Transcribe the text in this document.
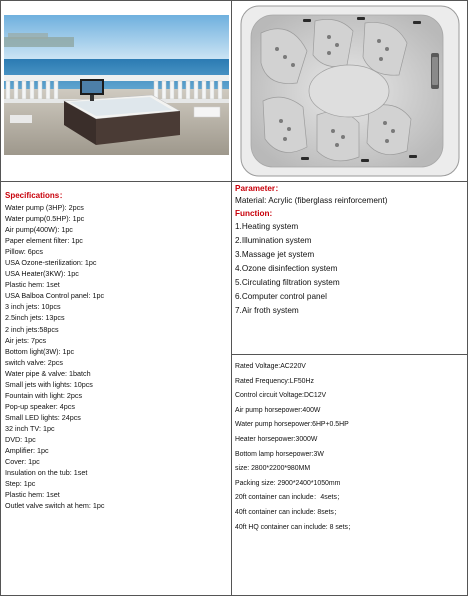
Specifications：
Water pump (3HP): 2pcs
Water pump(0.5HP): 1pc
Air pump(400W): 1pc
Paper element filter: 1pc
Pillow: 6pcs
USA Ozone-sterilization: 1pc
USA Heater(3KW): 1pc
Plastic hem: 1set
USA Balboa Control panel: 1pc
3 inch jets: 10pcs
2.5inch jets: 13pcs
2 inch jets:58pcs
Air jets: 7pcs
Bottom light(3W): 1pc
switch valve: 2pcs
Water pipe & valve: 1batch
Small jets with lights: 10pcs
Fountain with light: 2pcs
Pop-up speaker: 4pcs
Small LED lights: 24pcs
32 inch TV: 1pc
DVD: 1pc
Amplifier: 1pc
Cover: 1pc
Insulation on the tub: 1set
Step: 1pc
Plastic hem: 1set
Outlet valve switch at hem: 1pc
Parameter：
Material: Acrylic (fiberglass reinforcement)
Function:
1.Heating system
2.Illumination system
3.Massage jet system
4.Ozone disinfection system
5.Circulating filtration system
6.Computer control panel
7.Air froth system
Rated Voltage:AC220V
Rated Frequency:LF50Hz
Control circuit Voltage:DC12V
Air pump horsepower:400W
Water pump horsepower:6HP+0.5HP
Heater horsepower:3000W
Bottom lamp horsepower:3W
size: 2800*2200*980MM
Packing size: 2900*2400*1050mm
20ft container can include：4sets；
40ft container can include: 8sets；
40ft HQ container can include: 8 sets；
